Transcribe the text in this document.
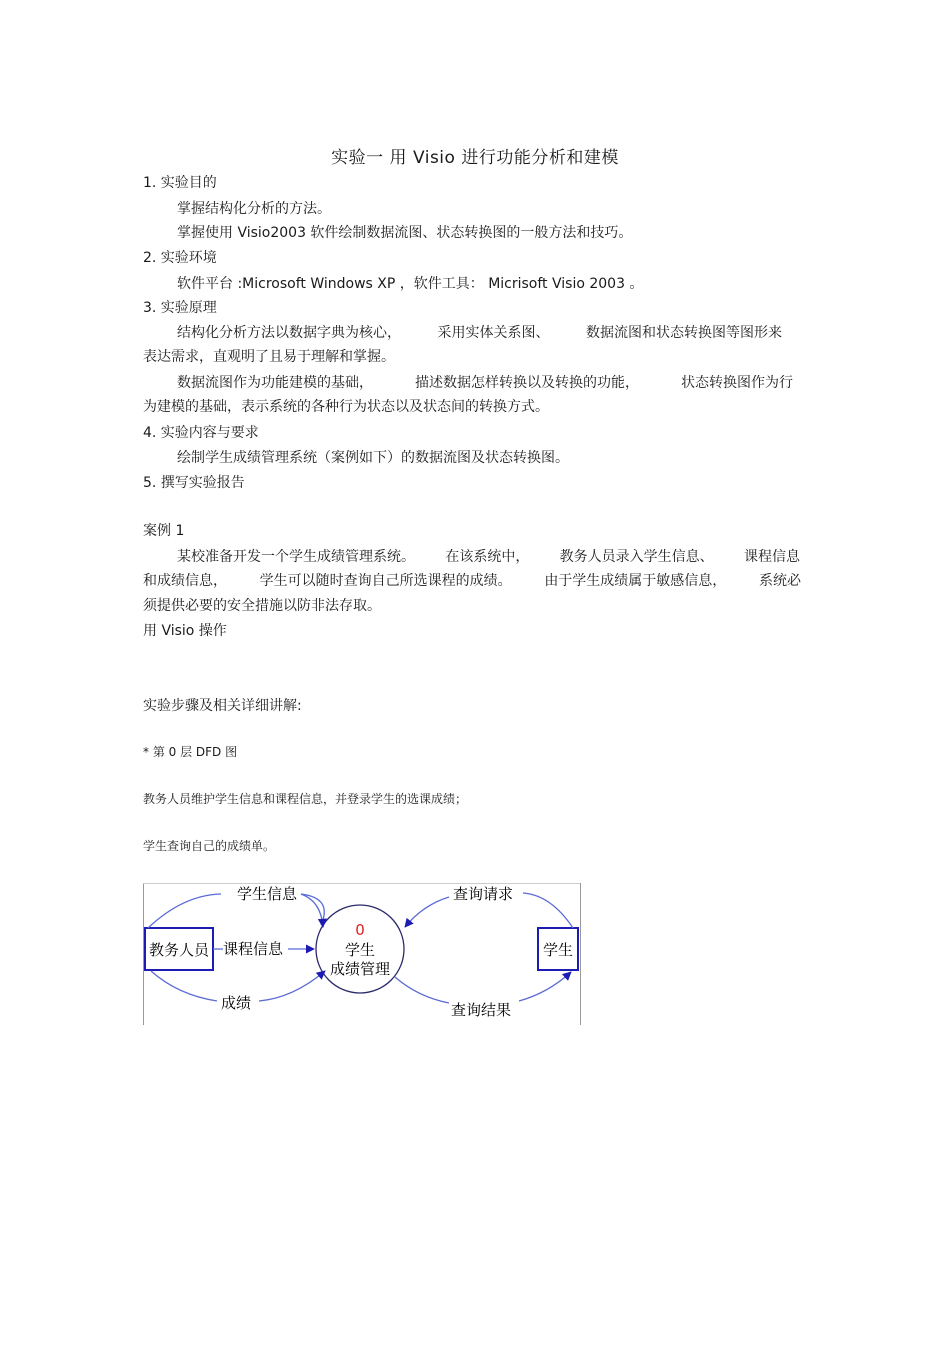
实验一 用 Visio 进行功能分析和建模
1. 实验目的
掌握结构化分析的方法。
掌握使用 Visio2003 软件绘制数据流图、状态转换图的一般方法和技巧。
2. 实验环境
软件平台 :Microsoft Windows XP ，软件工具： Micrisoft Visio 2003 。
3. 实验原理
结构化分析方法以数据字典为核心，	采用实体关系图、	数据流图和状态转换图等图形来
表达需求，直观明了且易于理解和掌握。
数据流图作为功能建模的基础，	描述数据怎样转换以及转换的功能，	状态转换图作为行
为建模的基础，表示系统的各种行为状态以及状态间的转换方式。
4. 实验内容与要求
绘制学生成绩管理系统（案例如下）的数据流图及状态转换图。
5. 撰写实验报告
案例 1
某校准备开发一个学生成绩管理系统。 在该系统中， 教务人员录入学生信息、 课程信息
和成绩信息， 学生可以随时查询自己所选课程的成绩。 由于学生成绩属于敏感信息， 系统必
须提供必要的安全措施以防非法存取。
用 Visio 操作
实验步骤及相关详细讲解:
* 第 0 层 DFD 图
教务人员维护学生信息和课程信息，并登录学生的选课成绩；
学生查询自己的成绩单。
教务人员	学生
0
学生
成绩管理
学生信息
课程信息
成绩
查询请求
查询结果
